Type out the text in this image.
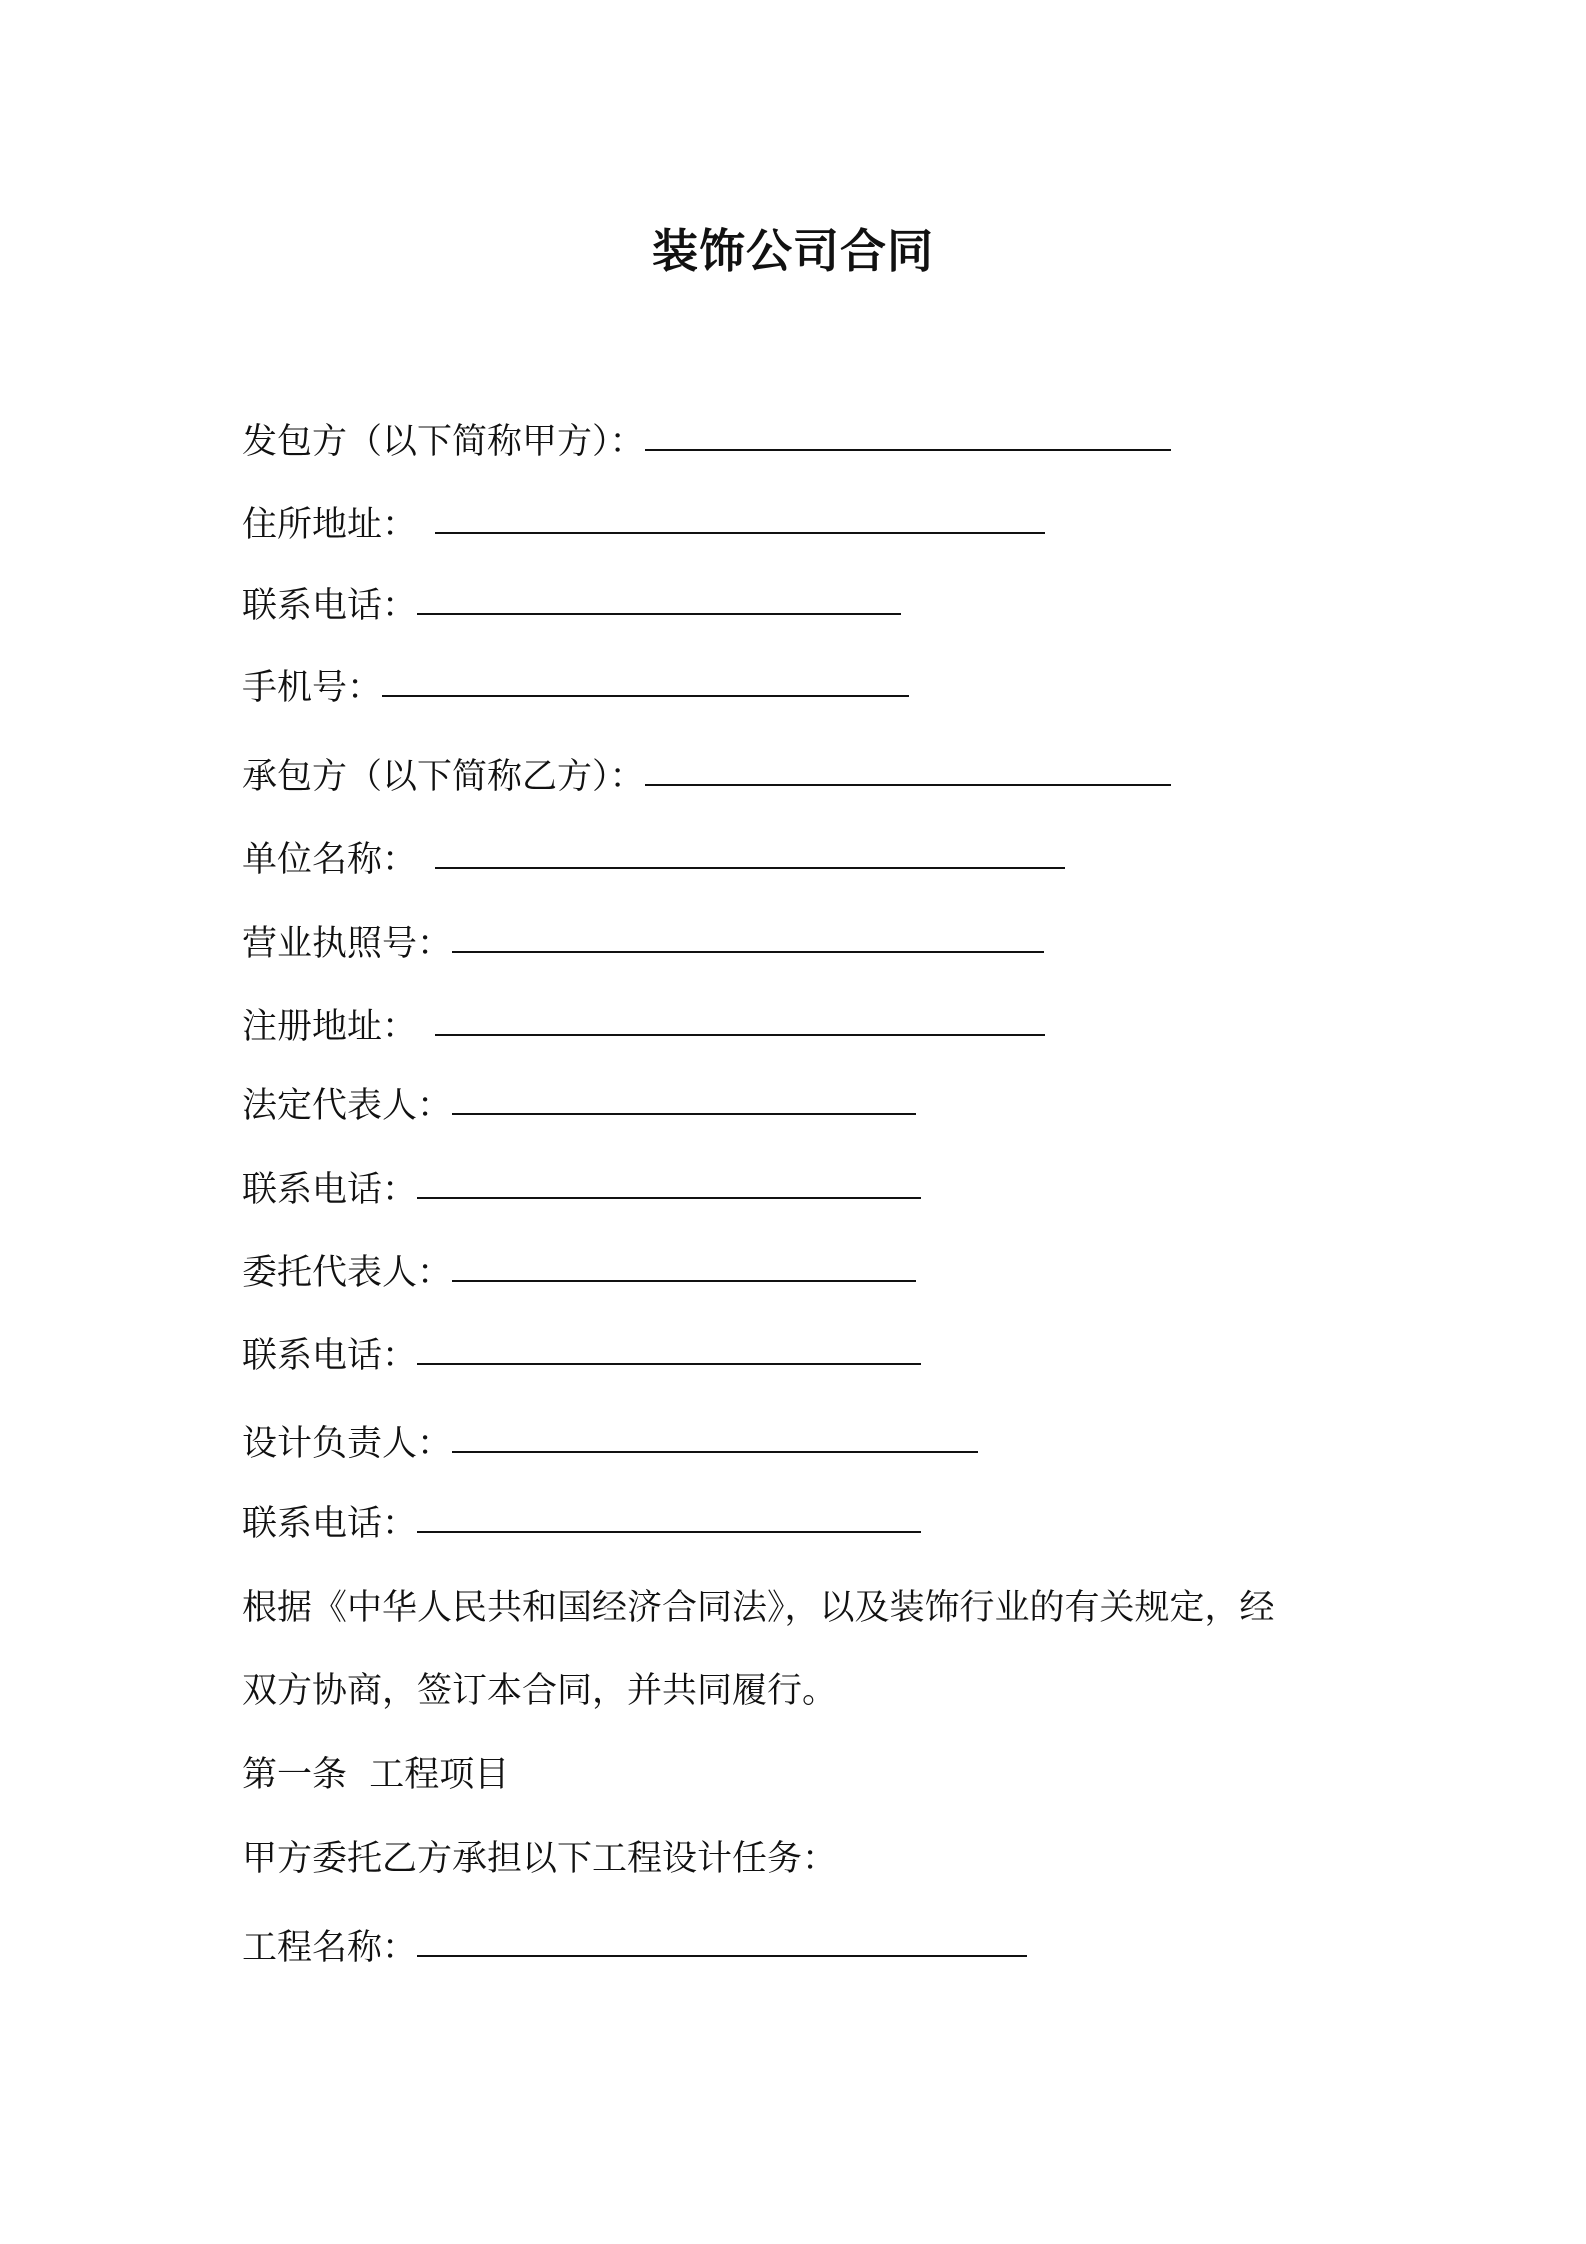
装饰公司合同
发包方（以下简称甲方）：
住所地址：
联系电话：
手机号：
承包方（以下简称乙方）：
单位名称：
营业执照号：
注册地址：
法定代表人：
联系电话：
委托代表人：
联系电话：
设计负责人：
联系电话：
根据《中华人民共和国经济合同法》，以及装饰行业的有关规定，经
双方协商，签订本合同，并共同履行。
第一条  工程项目
甲方委托乙方承担以下工程设计任务：
工程名称：
